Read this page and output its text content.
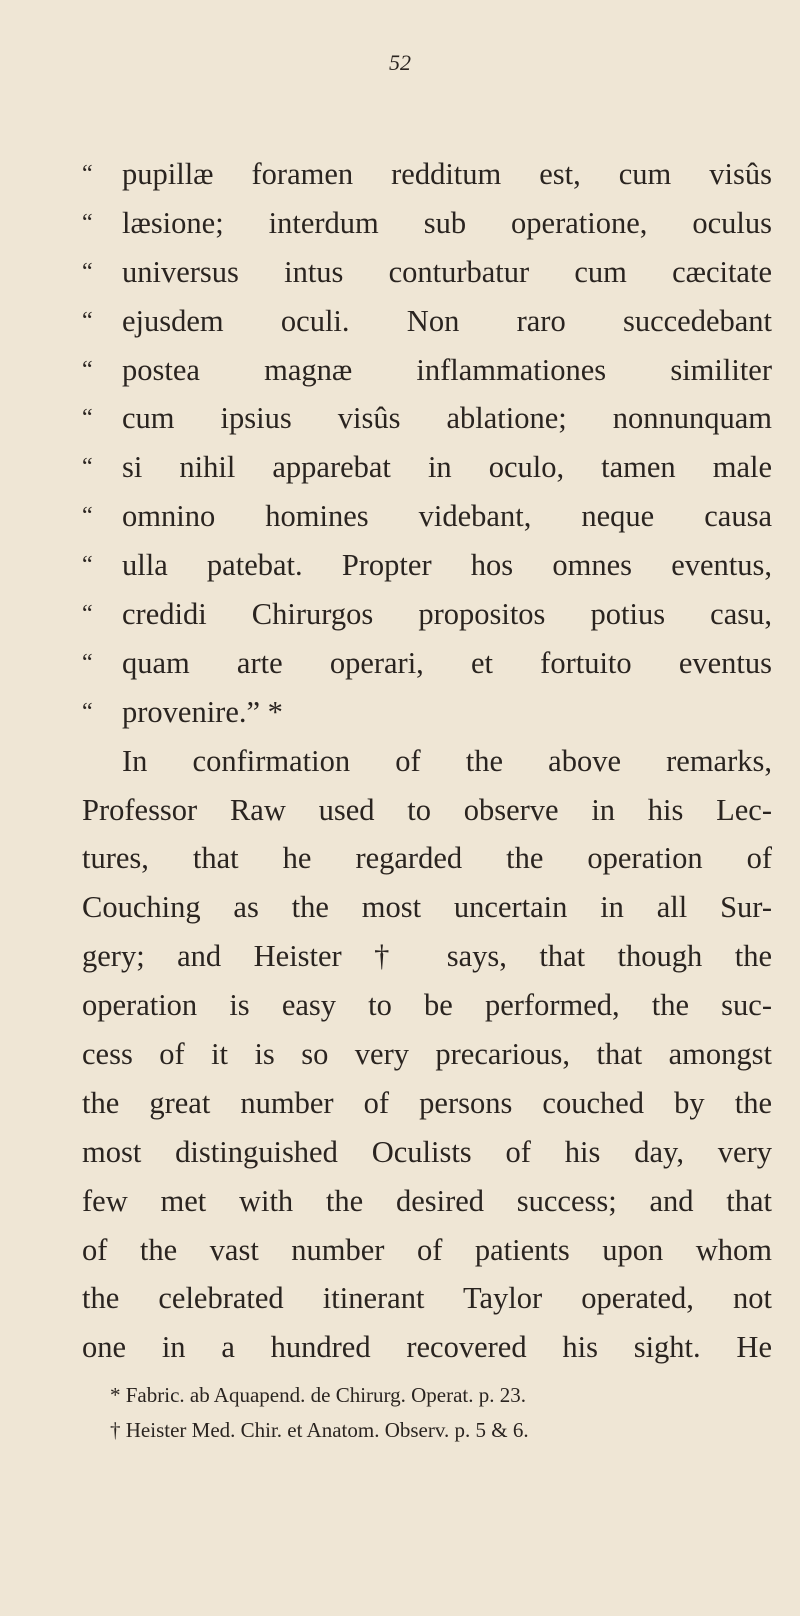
52
“ pupillæ foramen redditum est, cum visûs
“ læsione; interdum sub operatione, oculus
“ universus intus conturbatur cum cæcitate
“ ejusdem oculi. Non raro succedebant
“ postea magnæ inflammationes similiter
“ cum ipsius visûs ablatione; nonnunquam
“ si nihil apparebat in oculo, tamen male
“ omnino homines videbant, neque causa
“ ulla patebat. Propter hos omnes eventus,
“ credidi Chirurgos propositos potius casu,
“ quam arte operari, et fortuito eventus
“ provenire.” *
In confirmation of the above remarks,
Professor Raw used to observe in his Lec-
tures, that he regarded the operation of
Couching as the most uncertain in all Sur-
gery; and Heister † says, that though the
operation is easy to be performed, the suc-
cess of it is so very precarious, that amongst
the great number of persons couched by the
most distinguished Oculists of his day, very
few met with the desired success; and that
of the vast number of patients upon whom
the celebrated itinerant Taylor operated, not
one in a hundred recovered his sight. He
* Fabric. ab Aquapend. de Chirurg. Operat. p. 23.
† Heister Med. Chir. et Anatom. Observ. p. 5 & 6.
